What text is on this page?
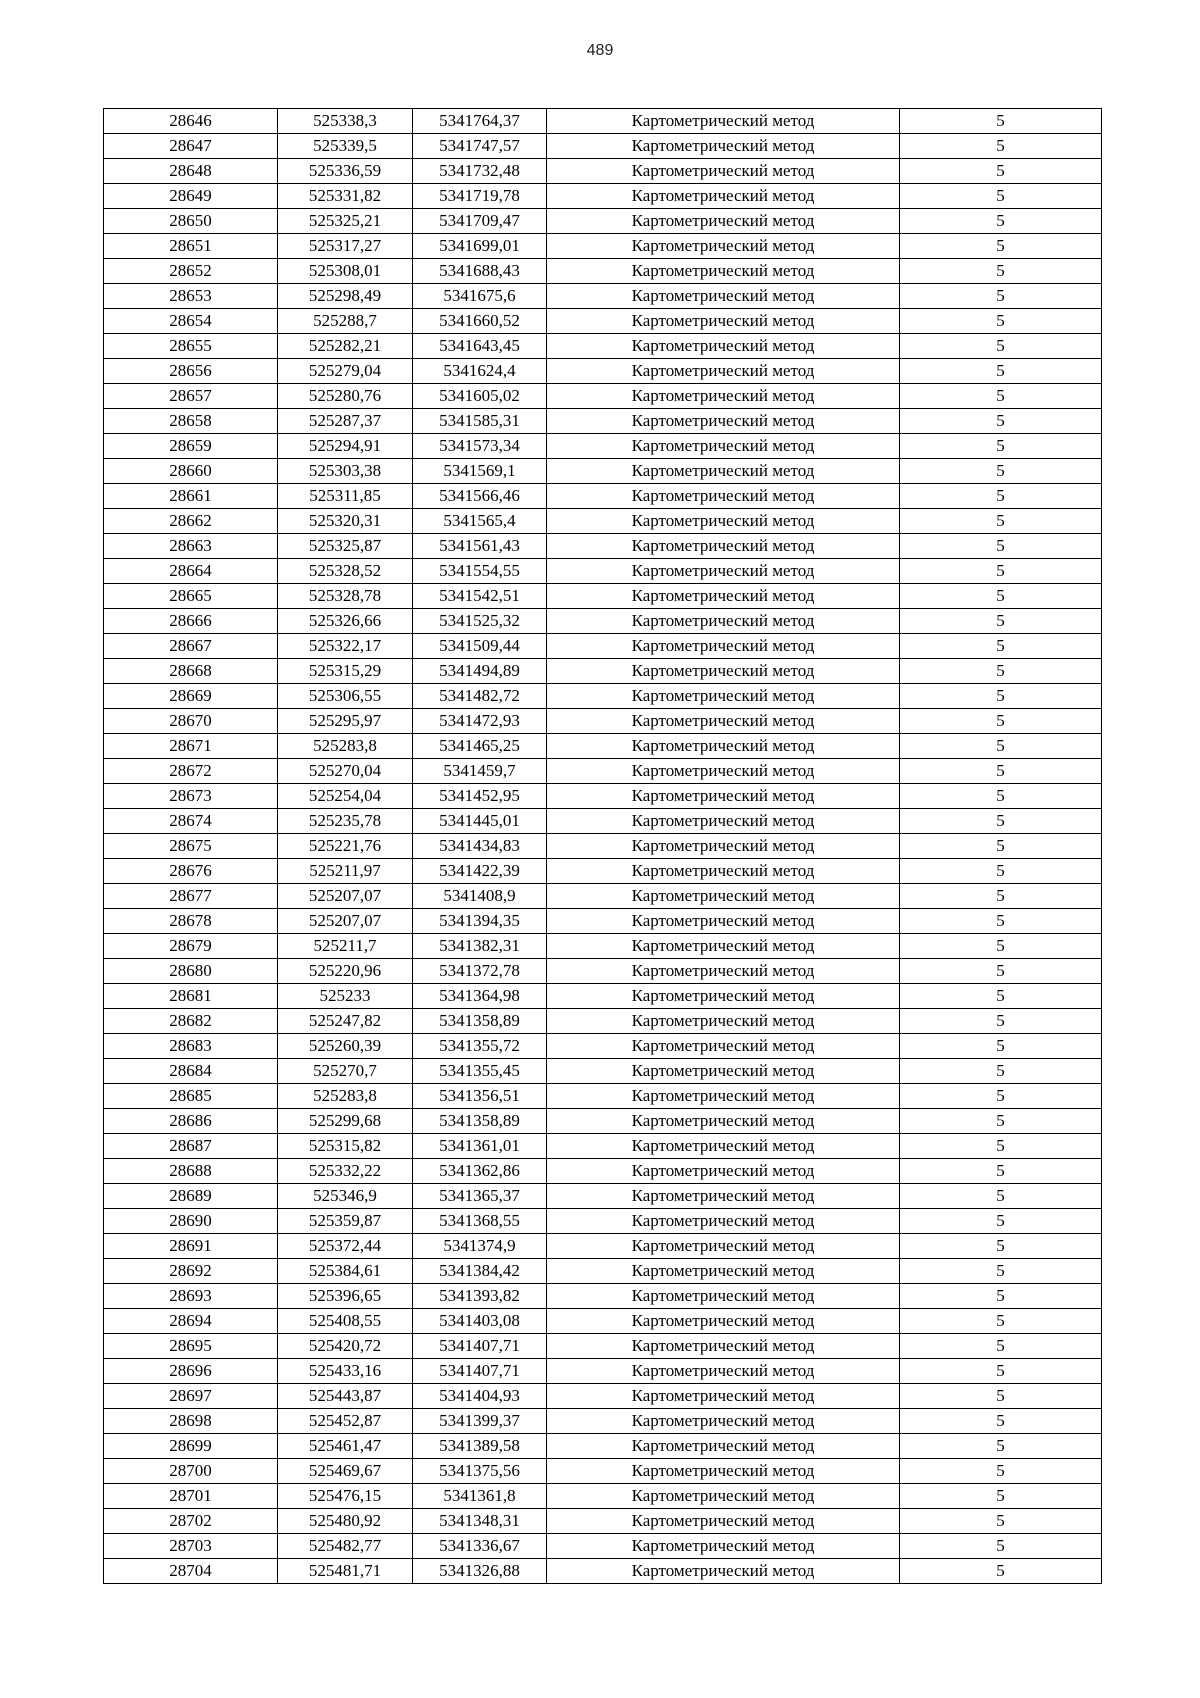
489
28646	525338,3	5341764,37	Картометрический метод	5
28647	525339,5	5341747,57	Картометрический метод	5
28648	525336,59	5341732,48	Картометрический метод	5
28649	525331,82	5341719,78	Картометрический метод	5
28650	525325,21	5341709,47	Картометрический метод	5
28651	525317,27	5341699,01	Картометрический метод	5
28652	525308,01	5341688,43	Картометрический метод	5
28653	525298,49	5341675,6	Картометрический метод	5
28654	525288,7	5341660,52	Картометрический метод	5
28655	525282,21	5341643,45	Картометрический метод	5
28656	525279,04	5341624,4	Картометрический метод	5
28657	525280,76	5341605,02	Картометрический метод	5
28658	525287,37	5341585,31	Картометрический метод	5
28659	525294,91	5341573,34	Картометрический метод	5
28660	525303,38	5341569,1	Картометрический метод	5
28661	525311,85	5341566,46	Картометрический метод	5
28662	525320,31	5341565,4	Картометрический метод	5
28663	525325,87	5341561,43	Картометрический метод	5
28664	525328,52	5341554,55	Картометрический метод	5
28665	525328,78	5341542,51	Картометрический метод	5
28666	525326,66	5341525,32	Картометрический метод	5
28667	525322,17	5341509,44	Картометрический метод	5
28668	525315,29	5341494,89	Картометрический метод	5
28669	525306,55	5341482,72	Картометрический метод	5
28670	525295,97	5341472,93	Картометрический метод	5
28671	525283,8	5341465,25	Картометрический метод	5
28672	525270,04	5341459,7	Картометрический метод	5
28673	525254,04	5341452,95	Картометрический метод	5
28674	525235,78	5341445,01	Картометрический метод	5
28675	525221,76	5341434,83	Картометрический метод	5
28676	525211,97	5341422,39	Картометрический метод	5
28677	525207,07	5341408,9	Картометрический метод	5
28678	525207,07	5341394,35	Картометрический метод	5
28679	525211,7	5341382,31	Картометрический метод	5
28680	525220,96	5341372,78	Картометрический метод	5
28681	525233	5341364,98	Картометрический метод	5
28682	525247,82	5341358,89	Картометрический метод	5
28683	525260,39	5341355,72	Картометрический метод	5
28684	525270,7	5341355,45	Картометрический метод	5
28685	525283,8	5341356,51	Картометрический метод	5
28686	525299,68	5341358,89	Картометрический метод	5
28687	525315,82	5341361,01	Картометрический метод	5
28688	525332,22	5341362,86	Картометрический метод	5
28689	525346,9	5341365,37	Картометрический метод	5
28690	525359,87	5341368,55	Картометрический метод	5
28691	525372,44	5341374,9	Картометрический метод	5
28692	525384,61	5341384,42	Картометрический метод	5
28693	525396,65	5341393,82	Картометрический метод	5
28694	525408,55	5341403,08	Картометрический метод	5
28695	525420,72	5341407,71	Картометрический метод	5
28696	525433,16	5341407,71	Картометрический метод	5
28697	525443,87	5341404,93	Картометрический метод	5
28698	525452,87	5341399,37	Картометрический метод	5
28699	525461,47	5341389,58	Картометрический метод	5
28700	525469,67	5341375,56	Картометрический метод	5
28701	525476,15	5341361,8	Картометрический метод	5
28702	525480,92	5341348,31	Картометрический метод	5
28703	525482,77	5341336,67	Картометрический метод	5
28704	525481,71	5341326,88	Картометрический метод	5
